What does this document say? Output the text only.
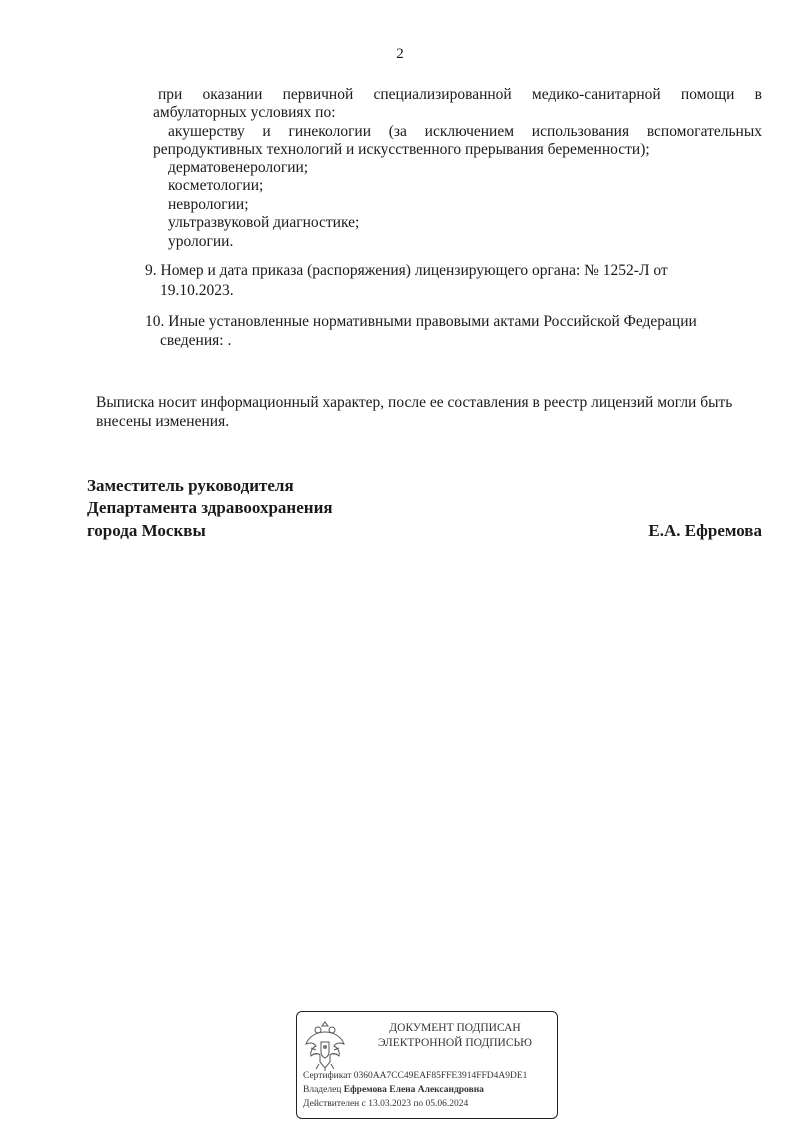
2
при оказании первичной специализированной медико-санитарной помощи в
амбулаторных условиях по:
акушерству и гинекологии (за исключением использования вспомогательных
репродуктивных технологий и искусственного прерывания беременности);
дерматовенерологии;
косметологии;
неврологии;
ультразвуковой диагностике;
урологии.
9. Номер и дата приказа (распоряжения) лицензирующего органа: № 1252-Л от
19.10.2023.
10. Иные установленные нормативными правовыми актами Российской Федерации
сведения: .
Выписка носит информационный характер, после ее составления в реестр лицензий могли быть
внесены изменения.
Заместитель руководителя
Департамента здравоохранения
города Москвы	Е.А. Ефремова
ДОКУМЕНТ ПОДПИСАН
ЭЛЕКТРОННОЙ ПОДПИСЬЮ
Сертификат 0360AA7CC49EAF85FFE3914FFD4A9DE1
Владелец Ефремова Елена Александровна
Действителен с 13.03.2023 по 05.06.2024
